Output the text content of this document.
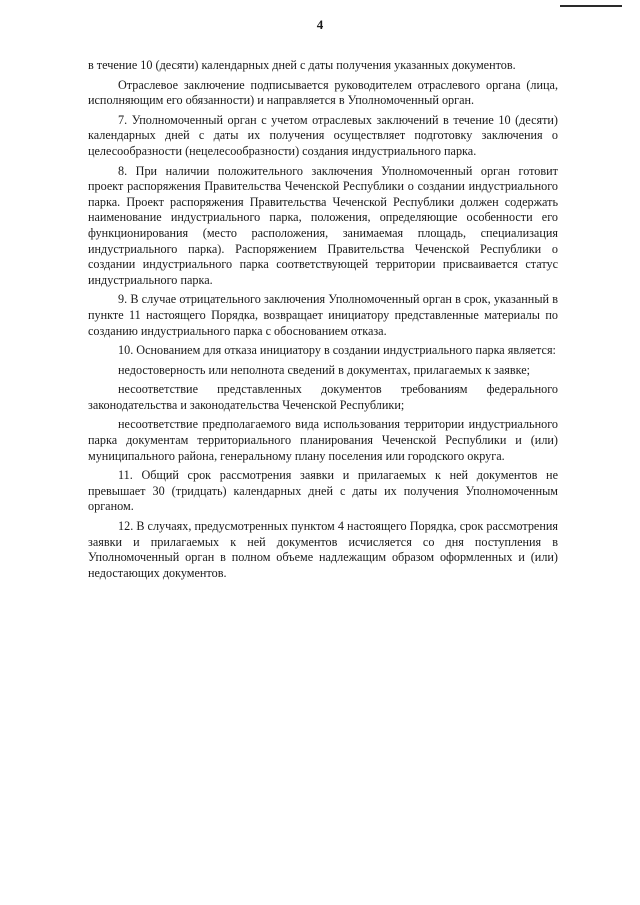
4

в течение 10 (десяти) календарных дней с даты получения указанных документов.

Отраслевое заключение подписывается руководителем отраслевого органа (лица, исполняющим его обязанности) и направляется в Уполномоченный орган.

7. Уполномоченный орган с учетом отраслевых заключений в течение 10 (десяти) календарных дней с даты их получения осуществляет подготовку заключения о целесообразности (нецелесообразности) создания индустриального парка.

8. При наличии положительного заключения Уполномоченный орган готовит проект распоряжения Правительства Чеченской Республики о создании индустриального парка. Проект распоряжения Правительства Чеченской Республики должен содержать наименование индустриального парка, положения, определяющие особенности его функционирования (место расположения, занимаемая площадь, специализация индустриального парка). Распоряжением Правительства Чеченской Республики о создании индустриального парка соответствующей территории присваивается статус индустриального парка.

9. В случае отрицательного заключения Уполномоченный орган в срок, указанный в пункте 11 настоящего Порядка, возвращает инициатору представленные материалы по созданию индустриального парка с обоснованием отказа.

10. Основанием для отказа инициатору в создании индустриального парка является:

недостоверность или неполнота сведений в документах, прилагаемых к заявке;

несоответствие представленных документов требованиям федерального законодательства и законодательства Чеченской Республики;

несоответствие предполагаемого вида использования территории индустриального парка документам территориального планирования Чеченской Республики и (или) муниципального района, генеральному плану поселения или городского округа.

11. Общий срок рассмотрения заявки и прилагаемых к ней документов не превышает 30 (тридцать) календарных дней с даты их получения Уполномоченным органом.

12. В случаях, предусмотренных пунктом 4 настоящего Порядка, срок рассмотрения заявки и прилагаемых к ней документов исчисляется со дня поступления в Уполномоченный орган в полном объеме надлежащим образом оформленных и (или) недостающих документов.
